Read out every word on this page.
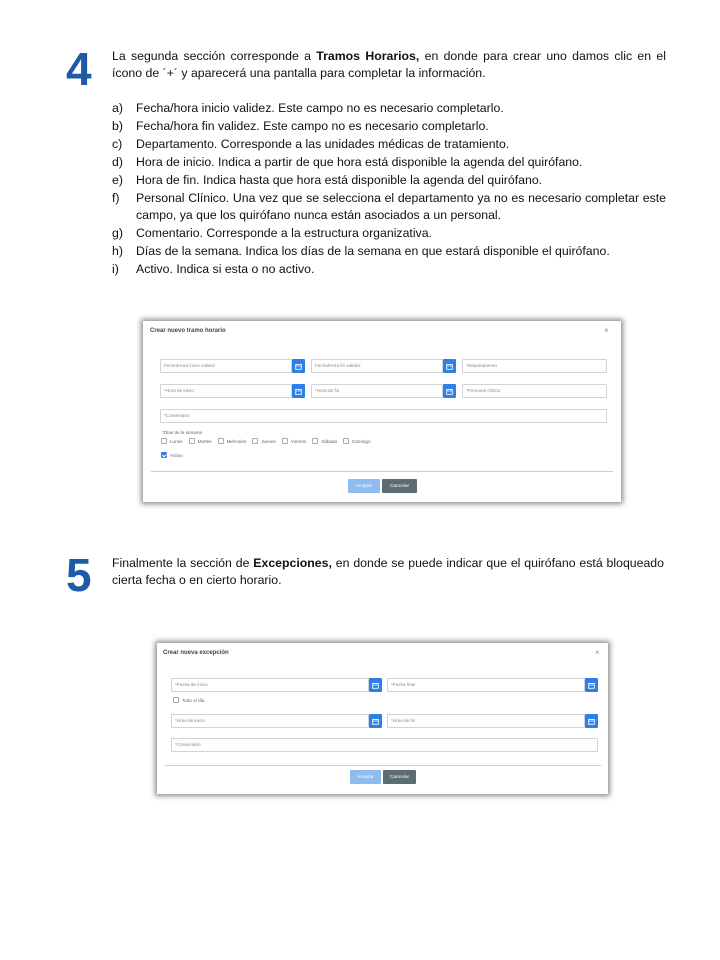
4 La segunda sección corresponde a Tramos Horarios, en donde para crear uno damos clic en el ícono de ´+´ y aparecerá una pantalla para completar la información.

a) Fecha/hora inicio validez. Este campo no es necesario completarlo.
b) Fecha/hora fin validez. Este campo no es necesario completarlo.
c) Departamento. Corresponde a las unidades médicas de tratamiento.
d) Hora de inicio. Indica a partir de que hora está disponible la agenda del quirófano.
e) Hora de fin. Indica hasta que hora está disponible la agenda del quirófano.
f) Personal Clínico. Una vez que se selecciona el departamento ya no es necesario completar este campo, ya que los quirófano nunca están asociados a un personal.
g) Comentario. Corresponde a la estructura organizativa.
h) Días de la semana. Indica los días de la semana en que estará disponible el quirófano.
i) Activo. Indica si esta o no activo.
Crear nuevo tramo horario	×
Fecha/Hora inicio validez	Fecha/Hora fin validez	*Departamento
*Hora de inicio	*Hora de fin	*Personal clínico
*Comentario
*Días de la semana
Lunes	Martes	Miércoles	Jueves	Viernes	Sábado	Domingo
Activo
Aceptar	Cancelar
5 Finalmente la sección de Excepciones, en donde se puede indicar que el quirófano está bloqueado cierta fecha o en cierto horario.

Crear nueva excepción	×
*Fecha de inicio	*Fecha final
Todo el día
*Hora de inicio	*Hora de fin
*Comentario
Aceptar	Cancelar
